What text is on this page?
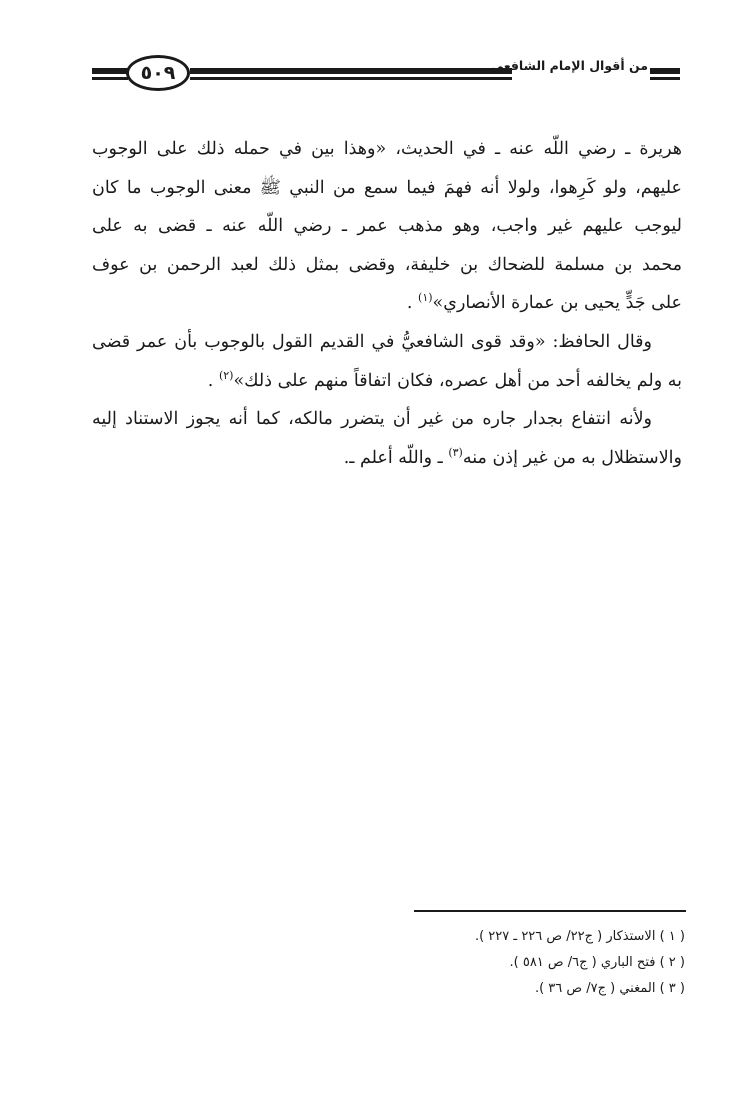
٥٠٩	من أقوال الإمام الشافعي
هريرة ـ رضي اللّه عنه ـ في الحديث، «وهذا بين في حمله ذلك على الوجوب
عليهم، ولو كَرِهوا، ولولا أنه فهمَ فيما سمع من النبي ﷺ معنى الوجوب ما كان
ليوجب عليهم غير واجب، وهو مذهب عمر ـ رضي اللّه عنه ـ قضى به على
محمد بن مسلمة للضحاك بن خليفة، وقضى بمثل ذلك لعبد الرحمن بن عوف
على جَدٍّ يحيى بن عمارة الأنصاري»$^{(١)}$ .
وقال الحافظ: «وقد قوى الشافعيُّ في القديم القول بالوجوب بأن عمر قضى
به ولم يخالفه أحد من أهل عصره، فكان اتفاقاً منهم على ذلك»$^{(٢)}$ .
ولأنه انتفاع بجدار جاره من غير أن يتضرر مالكه، كما أنه يجوز الاستناد إليه
والاستظلال به من غير إذن منه$^{(٣)}$ ـ واللّه أعلم ـ.
( ١ ) الاستذكار ( ج٢٢/ ص ٢٢٦ ـ ٢٢٧ ).
( ٢ ) فتح الباري ( ج٦/ ص ٥٨١ ).
( ٣ ) المغني ( ج٧/ ص ٣٦ ).
